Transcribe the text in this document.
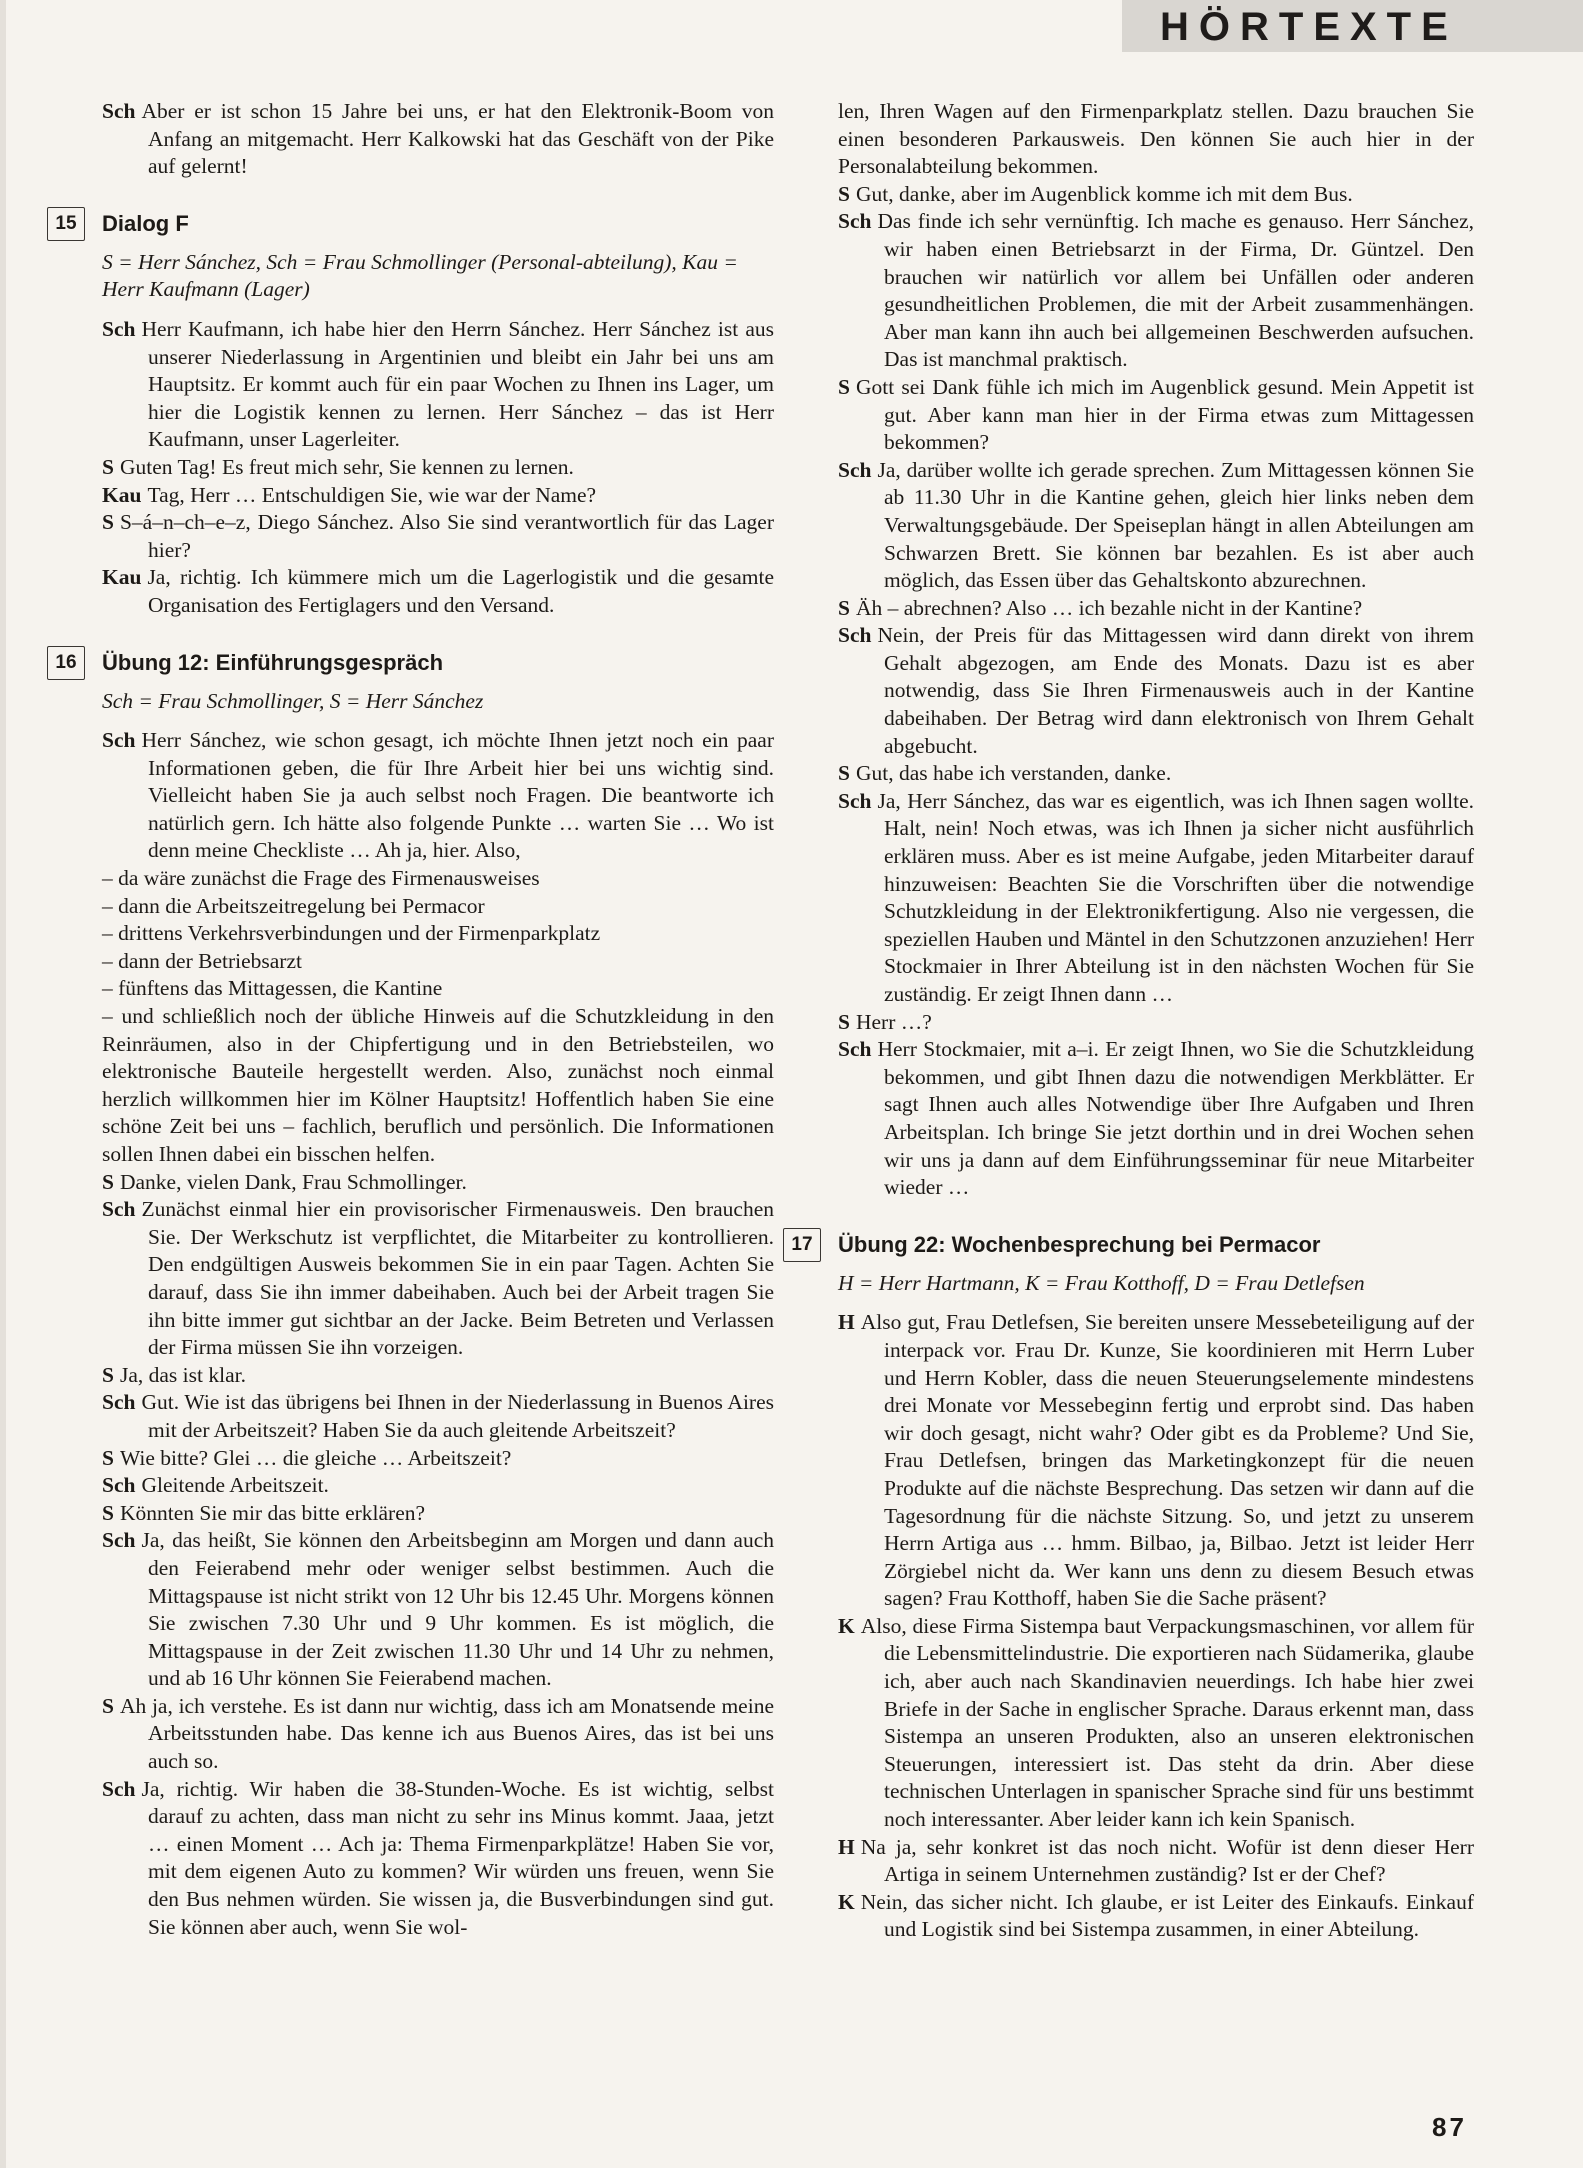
HÖRTEXTE

Sch Aber er ist schon 15 Jahre bei uns, er hat den Elektronik-Boom von Anfang an mitgemacht. Herr Kalkowski hat das Geschäft von der Pike auf gelernt!

15	Dialog F
S = Herr Sánchez, Sch = Frau Schmollinger (Personal-abteilung), Kau = Herr Kaufmann (Lager)

Sch Herr Kaufmann, ich habe hier den Herrn Sánchez. Herr Sánchez ist aus unserer Niederlassung in Argentinien und bleibt ein Jahr bei uns am Hauptsitz. Er kommt auch für ein paar Wochen zu Ihnen ins Lager, um hier die Logistik kennen zu lernen. Herr Sánchez – das ist Herr Kaufmann, unser Lagerleiter.

S Guten Tag! Es freut mich sehr, Sie kennen zu lernen.

Kau Tag, Herr … Entschuldigen Sie, wie war der Name?

S S–á–n–ch–e–z, Diego Sánchez. Also Sie sind verantwortlich für das Lager hier?

Kau Ja, richtig. Ich kümmere mich um die Lagerlogistik und die gesamte Organisation des Fertiglagers und den Versand.

16	Übung 12: Einführungsgespräch
Sch = Frau Schmollinger, S = Herr Sánchez

Sch Herr Sánchez, wie schon gesagt, ich möchte Ihnen jetzt noch ein paar Informationen geben, die für Ihre Arbeit hier bei uns wichtig sind. Vielleicht haben Sie ja auch selbst noch Fragen. Die beantworte ich natürlich gern. Ich hätte also folgende Punkte … warten Sie … Wo ist denn meine Checkliste … Ah ja, hier. Also,

– da wäre zunächst die Frage des Firmenausweises

– dann die Arbeitszeitregelung bei Permacor

– drittens Verkehrsverbindungen und der Firmenparkplatz

– dann der Betriebsarzt

– fünftens das Mittagessen, die Kantine

– und schließlich noch der übliche Hinweis auf die Schutzkleidung in den Reinräumen, also in der Chipfertigung und in den Betriebsteilen, wo elektronische Bauteile hergestellt werden. Also, zunächst noch einmal herzlich willkommen hier im Kölner Hauptsitz! Hoffentlich haben Sie eine schöne Zeit bei uns – fachlich, beruflich und persönlich. Die Informationen sollen Ihnen dabei ein bisschen helfen.

S Danke, vielen Dank, Frau Schmollinger.

Sch Zunächst einmal hier ein provisorischer Firmenausweis. Den brauchen Sie. Der Werkschutz ist verpflichtet, die Mitarbeiter zu kontrollieren. Den endgültigen Ausweis bekommen Sie in ein paar Tagen. Achten Sie darauf, dass Sie ihn immer dabeihaben. Auch bei der Arbeit tragen Sie ihn bitte immer gut sichtbar an der Jacke. Beim Betreten und Verlassen der Firma müssen Sie ihn vorzeigen.

S Ja, das ist klar.

Sch Gut. Wie ist das übrigens bei Ihnen in der Niederlassung in Buenos Aires mit der Arbeitszeit? Haben Sie da auch gleitende Arbeitszeit?

S Wie bitte? Glei … die gleiche … Arbeitszeit?

Sch Gleitende Arbeitszeit.

S Könnten Sie mir das bitte erklären?

Sch Ja, das heißt, Sie können den Arbeitsbeginn am Morgen und dann auch den Feierabend mehr oder weniger selbst bestimmen. Auch die Mittagspause ist nicht strikt von 12 Uhr bis 12.45 Uhr. Morgens können Sie zwischen 7.30 Uhr und 9 Uhr kommen. Es ist möglich, die Mittagspause in der Zeit zwischen 11.30 Uhr und 14 Uhr zu nehmen, und ab 16 Uhr können Sie Feierabend machen.

S Ah ja, ich verstehe. Es ist dann nur wichtig, dass ich am Monatsende meine Arbeitsstunden habe. Das kenne ich aus Buenos Aires, das ist bei uns auch so.

Sch Ja, richtig. Wir haben die 38-Stunden-Woche. Es ist wichtig, selbst darauf zu achten, dass man nicht zu sehr ins Minus kommt. Jaaa, jetzt … einen Moment … Ach ja: Thema Firmenparkplätze! Haben Sie vor, mit dem eigenen Auto zu kommen? Wir würden uns freuen, wenn Sie den Bus nehmen würden. Sie wissen ja, die Busverbindungen sind gut. Sie können aber auch, wenn Sie wol-

len, Ihren Wagen auf den Firmenparkplatz stellen. Dazu brauchen Sie einen besonderen Parkausweis. Den können Sie auch hier in der Personalabteilung bekommen.

S Gut, danke, aber im Augenblick komme ich mit dem Bus.

Sch Das finde ich sehr vernünftig. Ich mache es genauso. Herr Sánchez, wir haben einen Betriebsarzt in der Firma, Dr. Güntzel. Den brauchen wir natürlich vor allem bei Unfällen oder anderen gesundheitlichen Problemen, die mit der Arbeit zusammenhängen. Aber man kann ihn auch bei allgemeinen Beschwerden aufsuchen. Das ist manchmal praktisch.

S Gott sei Dank fühle ich mich im Augenblick gesund. Mein Appetit ist gut. Aber kann man hier in der Firma etwas zum Mittagessen bekommen?

Sch Ja, darüber wollte ich gerade sprechen. Zum Mittagessen können Sie ab 11.30 Uhr in die Kantine gehen, gleich hier links neben dem Verwaltungsgebäude. Der Speiseplan hängt in allen Abteilungen am Schwarzen Brett. Sie können bar bezahlen. Es ist aber auch möglich, das Essen über das Gehaltskonto abzurechnen.

S Äh – abrechnen? Also … ich bezahle nicht in der Kantine?

Sch Nein, der Preis für das Mittagessen wird dann direkt von ihrem Gehalt abgezogen, am Ende des Monats. Dazu ist es aber notwendig, dass Sie Ihren Firmenausweis auch in der Kantine dabeihaben. Der Betrag wird dann elektronisch von Ihrem Gehalt abgebucht.

S Gut, das habe ich verstanden, danke.

Sch Ja, Herr Sánchez, das war es eigentlich, was ich Ihnen sagen wollte. Halt, nein! Noch etwas, was ich Ihnen ja sicher nicht ausführlich erklären muss. Aber es ist meine Aufgabe, jeden Mitarbeiter darauf hinzuweisen: Beachten Sie die Vorschriften über die notwendige Schutzkleidung in der Elektronikfertigung. Also nie vergessen, die speziellen Hauben und Mäntel in den Schutzzonen anzuziehen! Herr Stockmaier in Ihrer Abteilung ist in den nächsten Wochen für Sie zuständig. Er zeigt Ihnen dann …

S Herr …?

Sch Herr Stockmaier, mit a–i. Er zeigt Ihnen, wo Sie die Schutzkleidung bekommen, und gibt Ihnen dazu die notwendigen Merkblätter. Er sagt Ihnen auch alles Notwendige über Ihre Aufgaben und Ihren Arbeitsplan. Ich bringe Sie jetzt dorthin und in drei Wochen sehen wir uns ja dann auf dem Einführungsseminar für neue Mitarbeiter wieder …

17	Übung 22: Wochenbesprechung bei Permacor
H = Herr Hartmann, K = Frau Kotthoff, D = Frau Detlefsen

H Also gut, Frau Detlefsen, Sie bereiten unsere Messebeteiligung auf der interpack vor. Frau Dr. Kunze, Sie koordinieren mit Herrn Luber und Herrn Kobler, dass die neuen Steuerungselemente mindestens drei Monate vor Messebeginn fertig und erprobt sind. Das haben wir doch gesagt, nicht wahr? Oder gibt es da Probleme? Und Sie, Frau Detlefsen, bringen das Marketingkonzept für die neuen Produkte auf die nächste Besprechung. Das setzen wir dann auf die Tagesordnung für die nächste Sitzung. So, und jetzt zu unserem Herrn Artiga aus … hmm. Bilbao, ja, Bilbao. Jetzt ist leider Herr Zörgiebel nicht da. Wer kann uns denn zu diesem Besuch etwas sagen? Frau Kotthoff, haben Sie die Sache präsent?

K Also, diese Firma Sistempa baut Verpackungsmaschinen, vor allem für die Lebensmittelindustrie. Die exportieren nach Südamerika, glaube ich, aber auch nach Skandinavien neuerdings. Ich habe hier zwei Briefe in der Sache in englischer Sprache. Daraus erkennt man, dass Sistempa an unseren Produkten, also an unseren elektronischen Steuerungen, interessiert ist. Das steht da drin. Aber diese technischen Unterlagen in spanischer Sprache sind für uns bestimmt noch interessanter. Aber leider kann ich kein Spanisch.

H Na ja, sehr konkret ist das noch nicht. Wofür ist denn dieser Herr Artiga in seinem Unternehmen zuständig? Ist er der Chef?

K Nein, das sicher nicht. Ich glaube, er ist Leiter des Einkaufs. Einkauf und Logistik sind bei Sistempa zusammen, in einer Abteilung.

87
